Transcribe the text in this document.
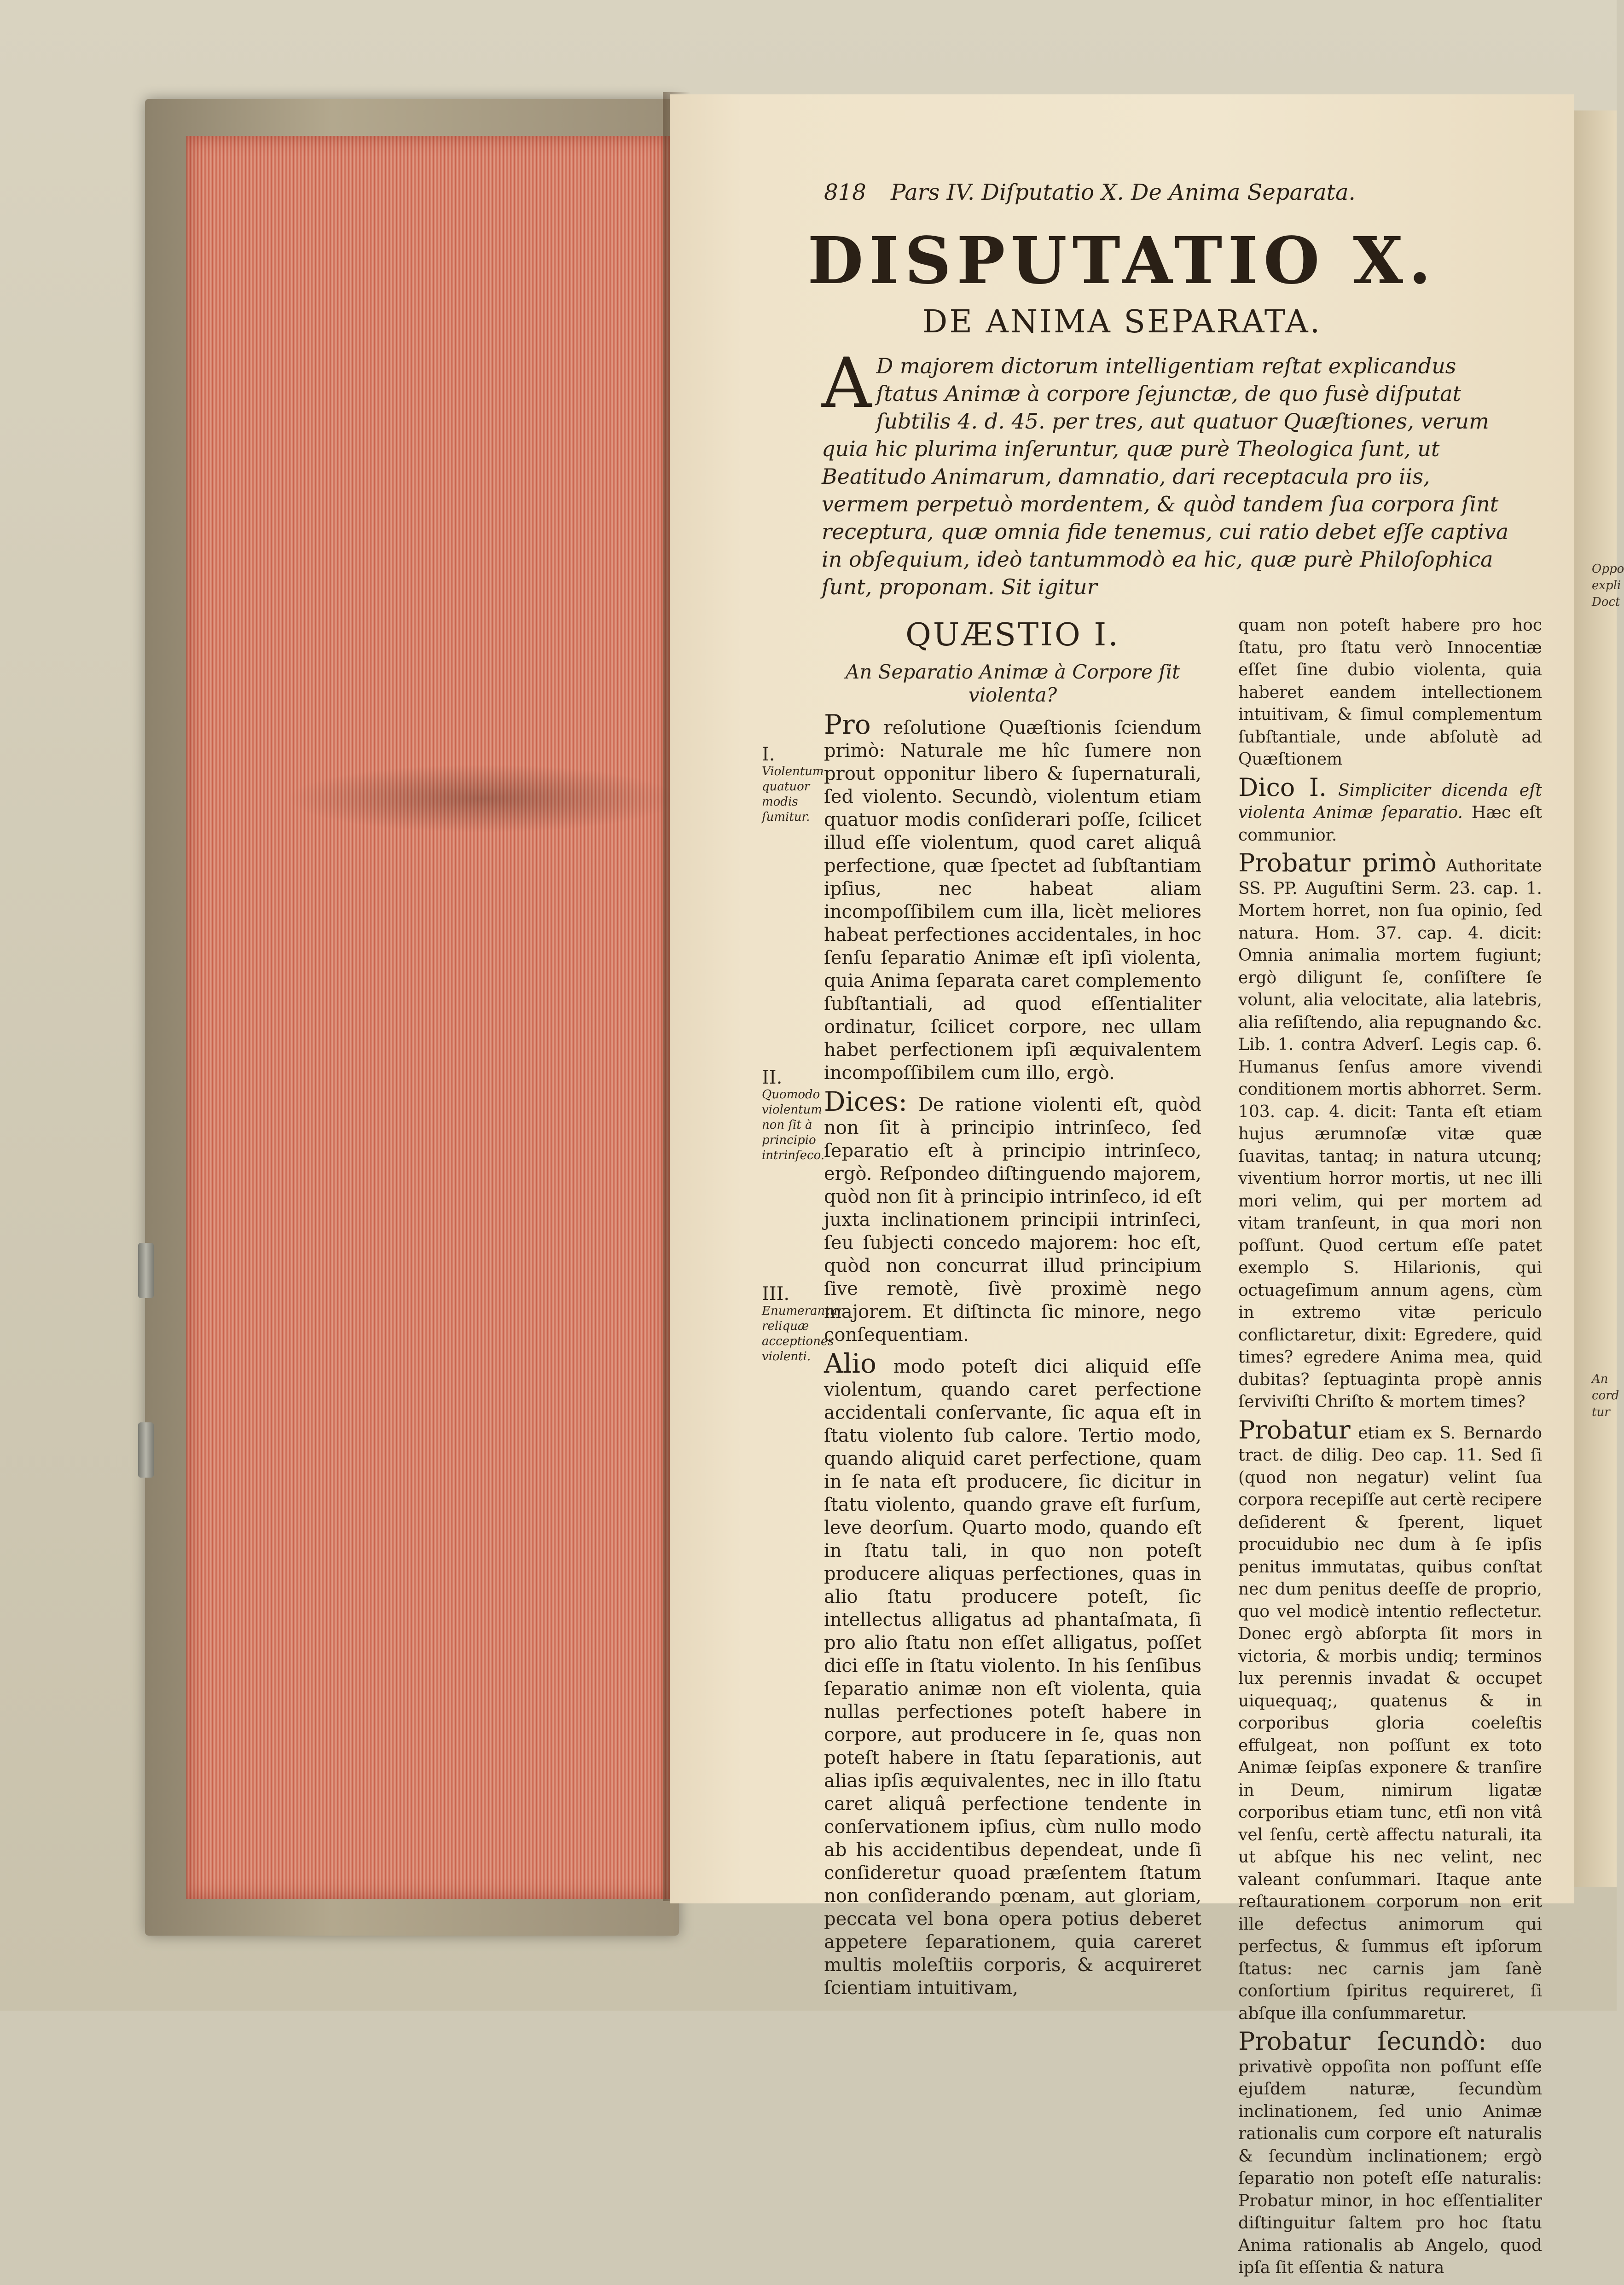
818 Pars IV. Diſputatio X. De Anima Separata.
DISPUTATIO X.
DE ANIMA SEPARATA.
A D majorem dictorum intelligentiam reſtat explicandus ſtatus Animæ à corpore ſejunctæ, de quo fusè diſputat ſubtilis 4. d. 45. per tres, aut quatuor Quæſtiones, verum quia hic plurima inſeruntur, quæ purè Theologica ſunt, ut Beatitudo Animarum, damnatio, dari receptacula pro iis, vermem perpetuò mordentem, & quòd tandem ſua corpora ſint receptura, quæ omnia fide tenemus, cui ratio debet eſſe captiva in obſequium, ideò tantummodò ea hic, quæ purè Philoſophica ſunt, proponam. Sit igitur
I.
Violentum quatuor modis ſumitur.
II.
Quomodo violentum non ſit à principio intrinſeco.
III.
Enumerantur reliquæ acceptiones violenti.
QUÆSTIO I.
An Separatio Animæ à Corpore ſit violenta?

Pro reſolutione Quæſtionis ſciendum primò: Naturale me hîc ſumere non prout opponitur libero & ſupernaturali, ſed violento. Secundò, violentum etiam quatuor modis conſiderari poſſe, ſcilicet illud eſſe violentum, quod caret aliquâ perfectione, quæ ſpectet ad ſubſtantiam ipſius, nec habeat aliam incompoſſibilem cum illa, licèt meliores habeat perfectiones accidentales, in hoc ſenſu ſeparatio Animæ eſt ipſi violenta, quia Anima ſeparata caret complemento ſubſtantiali, ad quod eſſentialiter ordinatur, ſcilicet corpore, nec ullam habet perfectionem ipſi æquivalentem incompoſſibilem cum illo, ergò.

Dices: De ratione violenti eſt, quòd non ſit à principio intrinſeco, ſed ſeparatio eſt à principio intrinſeco, ergò. Reſpondeo diſtinguendo majorem, quòd non ſit à principio intrinſeco, id eſt juxta inclinationem principii intrinſeci, ſeu ſubjecti concedo majorem: hoc eſt, quòd non concurrat illud principium ſive remotè, ſivè proximè nego majorem. Et diſtincta ſic minore, nego conſequentiam.

Alio modo poteſt dici aliquid eſſe violentum, quando caret perfectione accidentali conſervante, ſic aqua eſt in ſtatu violento ſub calore. Tertio modo, quando aliquid caret perfectione, quam in ſe nata eſt producere, ſic dicitur in ſtatu violento, quando grave eſt furſum, leve deorſum. Quarto modo, quando eſt in ſtatu tali, in quo non poteſt producere aliquas perfectiones, quas in alio ſtatu producere poteſt, ſic intellectus alligatus ad phantaſmata, ſi pro alio ſtatu non eſſet alligatus, poſſet dici eſſe in ſtatu violento. In his ſenſibus ſeparatio animæ non eſt violenta, quia nullas perfectiones poteſt habere in corpore, aut producere in ſe, quas non poteſt habere in ſtatu ſeparationis, aut alias ipſis æquivalentes, nec in illo ſtatu caret aliquâ perfectione tendente in conſervationem ipſius, cùm nullo modo ab his accidentibus dependeat, unde ſi conſideretur quoad præſentem ſtatum non conſiderando pœnam, aut gloriam, peccata vel bona opera potius deberet appetere ſeparationem, quia careret multis moleſtiis corporis, & acquireret ſcientiam intuitivam,

quam non poteſt habere pro hoc ſtatu, pro ſtatu verò Innocentiæ eſſet ſine dubio violenta, quia haberet eandem intellectionem intuitivam, & ſimul complementum ſubſtantiale, unde abſolutè ad Quæſtionem

Dico I. Simpliciter dicenda eſt violenta Animæ ſeparatio. Hæc eſt communior.

Probatur primò Authoritate SS. PP. Auguſtini Serm. 23. cap. 1. Mortem horret, non ſua opinio, ſed natura. Hom. 37. cap. 4. dicit: Omnia animalia mortem fugiunt; ergò diligunt ſe, conſiſtere ſe volunt, alia velocitate, alia latebris, alia reſiſtendo, alia repugnando &c. Lib. 1. contra Adverſ. Legis cap. 6. Humanus ſenſus amore vivendi conditionem mortis abhorret. Serm. 103. cap. 4. dicit: Tanta eſt etiam hujus ærumnoſæ vitæ quæ ſuavitas, tantaq; in natura utcunq; viventium horror mortis, ut nec illi mori velim, qui per mortem ad vitam tranſeunt, in qua mori non poſſunt. Quod certum eſſe patet exemplo S. Hilarionis, qui octuageſimum annum agens, cùm in extremo vitæ periculo conflictaretur, dixit: Egredere, quid times? egredere Anima mea, quid dubitas? ſeptuaginta propè annis ſerviviſti Chriſto & mortem times?

Probatur etiam ex S. Bernardo tract. de dilig. Deo cap. 11. Sed ſi (quod non negatur) velint ſua corpora recepiſſe aut certè recipere deſiderent & ſperent, liquet procuidubio nec dum à ſe ipſis penitus immutatas, quibus conſtat nec dum penitus deeſſe de proprio, quo vel modicè intentio reflectetur. Donec ergò abſorpta ſit mors in victoria, & morbis undiq; terminos lux perennis invadat & occupet uiquequaq;, quatenus & in corporibus gloria coeleſtis effulgeat, non poſſunt ex toto Animæ ſeipſas exponere & tranſire in Deum, nimirum ligatæ corporibus etiam tunc, etſi non vitâ vel ſenſu, certè affectu naturali, ita ut abſque his nec velint, nec valeant conſummari. Itaque ante reſtaurationem corporum non erit ille defectus animorum qui perfectus, & ſummus eſt ipſorum ſtatus: nec carnis jam ſanè conſortium ſpiritus requireret, ſi abſque illa conſummaretur.

Probatur ſecundò: duo privativè oppoſita non poſſunt eſſe ejuſdem naturæ, ſecundùm inclinationem, ſed unio Animæ rationalis cum corpore eſt naturalis & ſecundùm inclinationem; ergò ſeparatio non poteſt eſſe naturalis: Probatur minor, in hoc eſſentialiter diſtinguitur ſaltem pro hoc ſtatu Anima rationalis ab Angelo, quod ipſa ſit eſſentia & natura

Oppo
expli
Doct
An
cord
tur
